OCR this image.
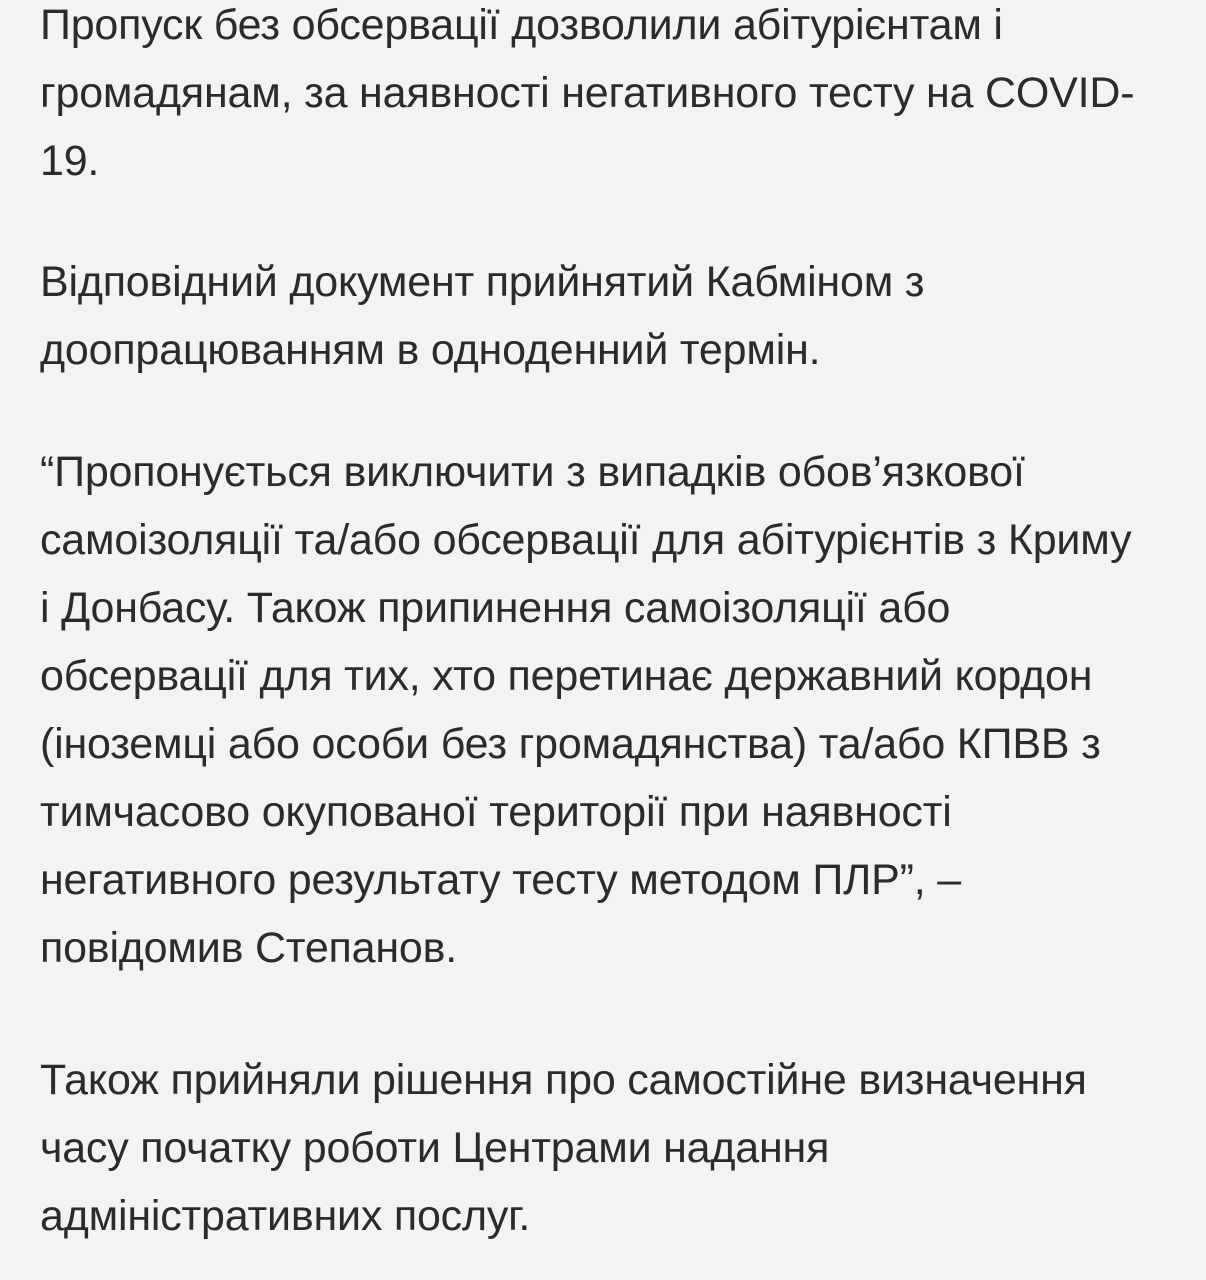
Пропуск без обсервації дозволили абітурієнтам і
громадянам, за наявності негативного тесту на COVID-
19.

Відповідний документ прийнятий Кабміном з
доопрацюванням в одноденний термін.

“Пропонується виключити з випадків обов’язкової
самоізоляції та/або обсервації для абітурієнтів з Криму
і Донбасу. Також припинення самоізоляції або
обсервації для тих, хто перетинає державний кордон
(іноземці або особи без громадянства) та/або КПВВ з
тимчасово окупованої території при наявності
негативного результату тесту методом ПЛР”, –
повідомив Степанов.

Також прийняли рішення про самостійне визначення
часу початку роботи Центрами надання
адміністративних послуг.
